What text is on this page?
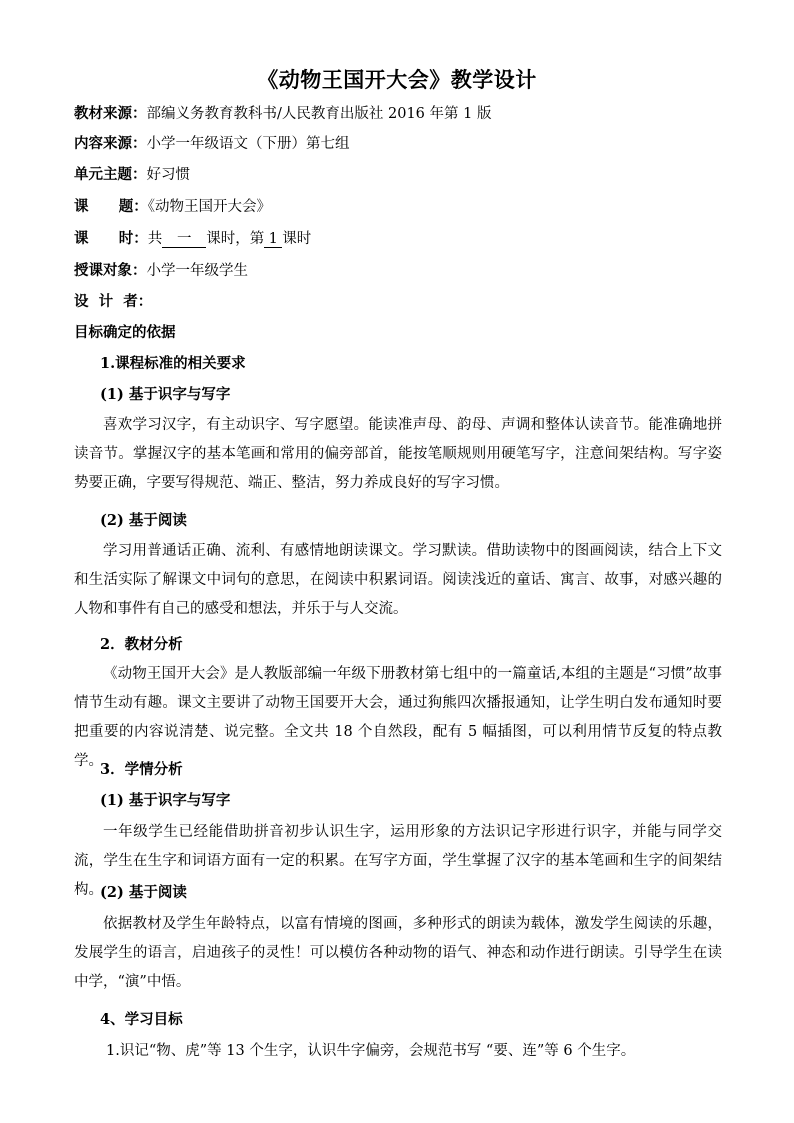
《动物王国开大会》教学设计
教材来源：部编义务教育教科书/人民教育出版社 2016 年第 1 版
内容来源：小学一年级语文（下册）第七组
单元主题：好习惯
课      题：《动物王国开大会》
课      时：共 一 课时，第 1 课时
授课对象：小学一年级学生
设  计  者：
目标确定的依据
1.课程标准的相关要求
(1) 基于识字与写字
喜欢学习汉字，有主动识字、写字愿望。能读准声母、韵母、声调和整体认读音节。能准确地拼读音节。掌握汉字的基本笔画和常用的偏旁部首，能按笔顺规则用硬笔写字，注意间架结构。写字姿势要正确，字要写得规范、端正、整洁，努力养成良好的写字习惯。
(2) 基于阅读
学习用普通话正确、流利、有感情地朗读课文。学习默读。借助读物中的图画阅读，结合上下文和生活实际了解课文中词句的意思，在阅读中积累词语。阅读浅近的童话、寓言、故事，对感兴趣的人物和事件有自己的感受和想法，并乐于与人交流。
2．教材分析
《动物王国开大会》是人教版部编一年级下册教材第七组中的一篇童话,本组的主题是“习惯”故事情节生动有趣。课文主要讲了动物王国要开大会，通过狗熊四次播报通知，让学生明白发布通知时要把重要的内容说清楚、说完整。全文共 18 个自然段，配有 5 幅插图，可以利用情节反复的特点教学。
3．学情分析
(1) 基于识字与写字
一年级学生已经能借助拼音初步认识生字，运用形象的方法识记字形进行识字，并能与同学交流，学生在生字和词语方面有一定的积累。在写字方面，学生掌握了汉字的基本笔画和生字的间架结构。
(2) 基于阅读
依据教材及学生年龄特点，以富有情境的图画，多种形式的朗读为载体，激发学生阅读的乐趣，发展学生的语言，启迪孩子的灵性！可以模仿各种动物的语气、神态和动作进行朗读。引导学生在读中学，“演”中悟。
4、学习目标
1.识记“物、虎”等 13 个生字，认识牛字偏旁，会规范书写 “要、连”等 6 个生字。
